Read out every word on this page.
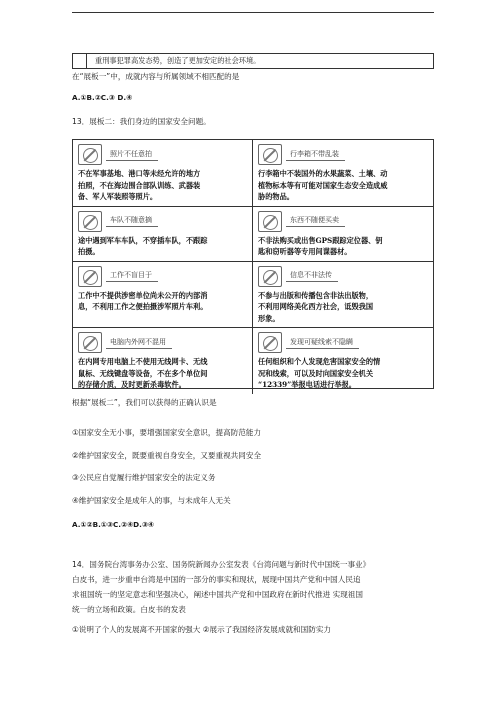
重刑事犯罪高发态势，创造了更加安定的社会环境。
在“展板一”中，成就内容与所属领域不相匹配的是
A.①B.②C.③ D.④
13．展板二：我们身边的国家安全问题。
照片不任意拍
不在军事基地、港口等未经允许的地方
拍照，不在海边围合部队训练、武器装
备、军人军装照等照片。
行李箱不带乱装
行李箱中不装国外的水果蔬菜、土壤、动
植物标本等有可能对国家生态安全造成威
胁的物品。
车队不随意摘
途中遇到军车车队，不穿插车队，不跟踪
拍摄。
东西不随便买卖
不非法购买或出售GPS跟踪定位器、钥
匙和窃听器等专用间谍器材。
工作不盲目于
工作中不提供涉密单位尚未公开的内部消
息，不利用工作之便拍摄涉军照片车利。
信息不非法传
不参与出版和传播包含非法出版物，
不利用网络美化西方社会，诋毁我国
形象。
电脑内外网不混用
在内网专用电脑上不使用无线网卡、无线
鼠标、无线键盘等设备，不在多个单位间
的存储介质，及时更新杀毒软件。
发现可疑线索不隐瞒
任何组织和个人发现危害国家安全的情
况和线索，可以及时向国家安全机关
“12339”举报电话进行举报。
根据“展板二”，我们可以获得的正确认识是
①国家安全无小事，要增强国家安全意识，提高防范能力
②维护国家安全，既要重视自身安全，又要重视共同安全
③公民应自觉履行维护国家安全的法定义务
④维护国家安全是成年人的事，与未成年人无关
A.①②B.①③C.②④D.③④
14．国务院台湾事务办公室、国务院新闻办公室发表《台湾问题与新时代中国统一事业》
白皮书，进一步重申台湾是中国的一部分的事实和现状，展现中国共产党和中国人民追
求祖国统一的坚定意志和坚强决心，阐述中国共产党和中国政府在新时代推进 实现祖国
统一的立场和政策。白皮书的发表
①说明了个人的发展离不开国家的强大 ②展示了我国经济发展成就和国防实力
